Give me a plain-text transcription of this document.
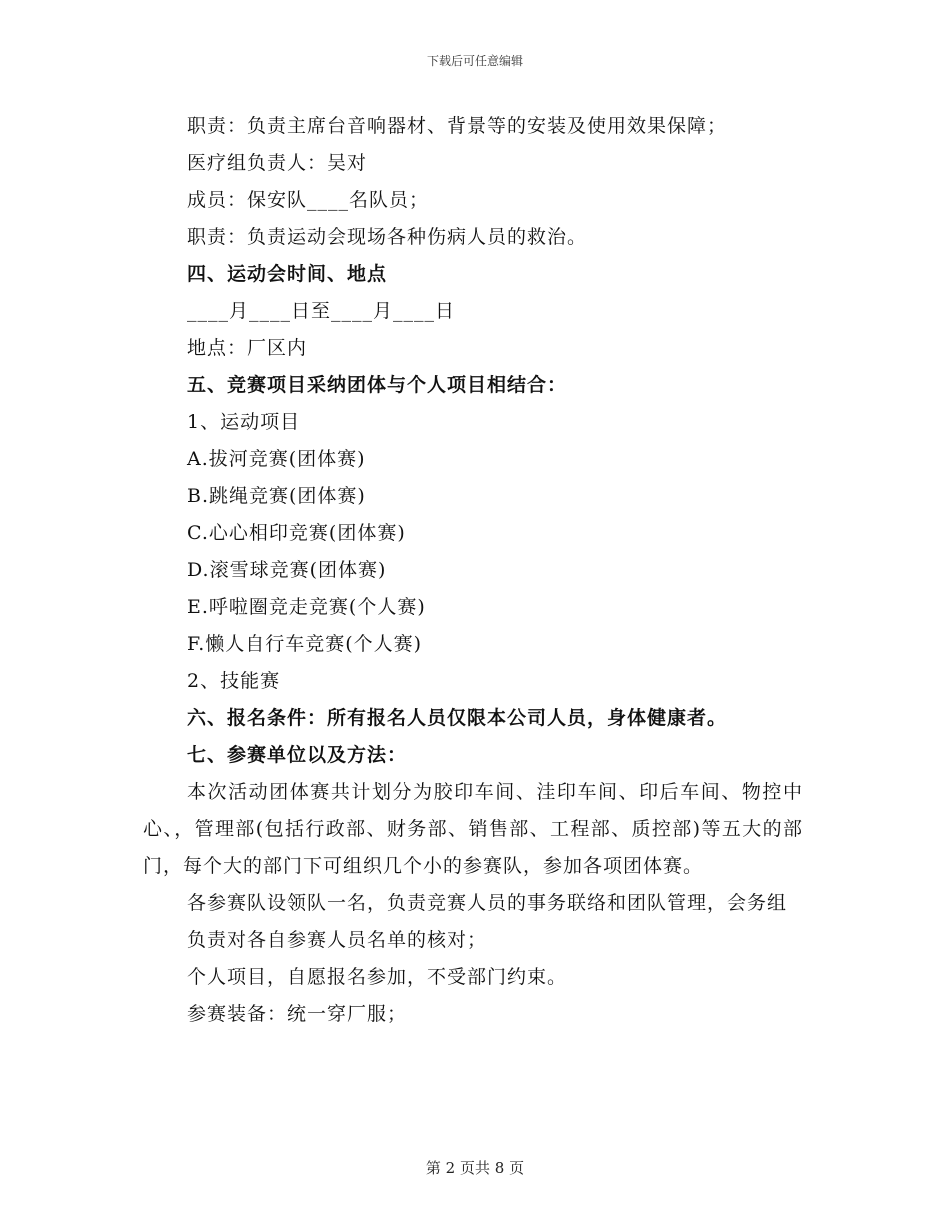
下载后可任意编辑
职责：负责主席台音响器材、背景等的安装及使用效果保障；
医疗组负责人：吴对
成员：保安队____名队员；
职责：负责运动会现场各种伤病人员的救治。
四、运动会时间、地点
____月____日至____月____日
地点：厂区内
五、竞赛项目采纳团体与个人项目相结合：
1、运动项目
A.拔河竞赛(团体赛)
B.跳绳竞赛(团体赛)
C.心心相印竞赛(团体赛)
D.滚雪球竞赛(团体赛)
E.呼啦圈竞走竞赛(个人赛)
F.懒人自行车竞赛(个人赛)
2、技能赛
六、报名条件：所有报名人员仅限本公司人员，身体健康者。
七、参赛单位以及方法：
本次活动团体赛共计划分为胶印车间、洼印车间、印后车间、物控中心、，管理部(包括行政部、财务部、销售部、工程部、质控部)等五大的部门，每个大的部门下可组织几个小的参赛队，参加各项团体赛。
各参赛队设领队一名，负责竞赛人员的事务联络和团队管理，会务组
负责对各自参赛人员名单的核对；
个人项目，自愿报名参加，不受部门约束。
参赛装备：统一穿厂服；
第 2 页共 8 页
